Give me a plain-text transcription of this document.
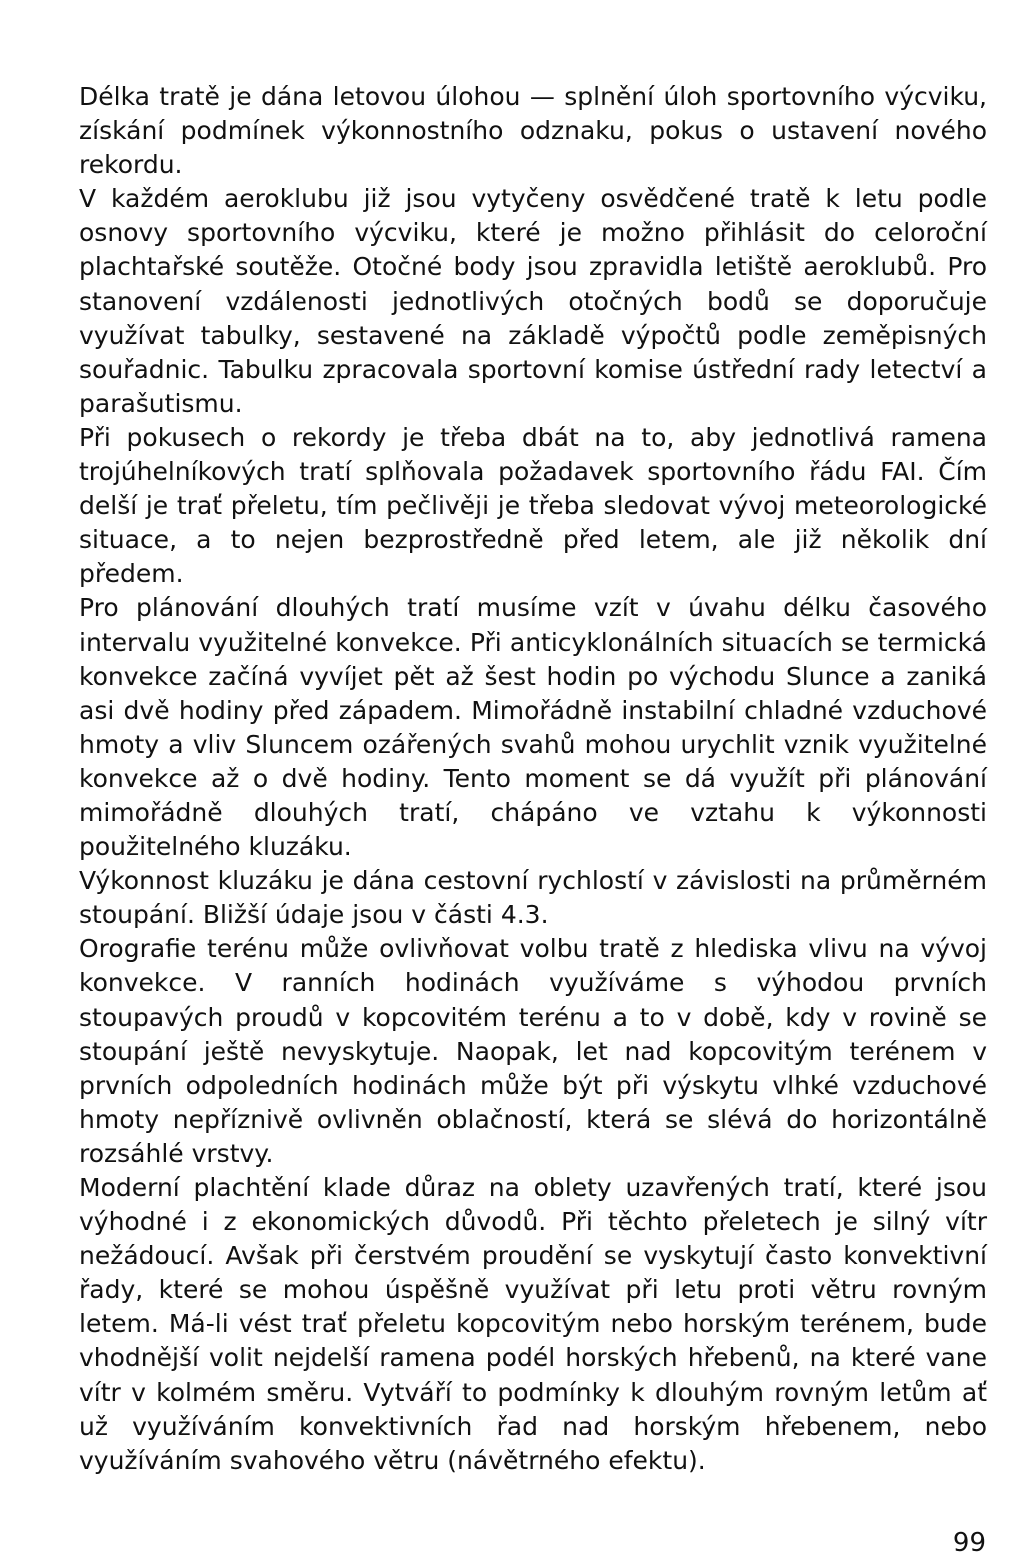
Délka tratě je dána letovou úlohou — splnění úloh sportovního výcviku, získání podmínek výkonnostního odznaku, pokus o ustavení nového rekordu.

V každém aeroklubu již jsou vytyčeny osvědčené tratě k letu podle osnovy sportovního výcviku, které je možno přihlásit do celoroční plachtařské soutěže. Otočné body jsou zpravidla letiště aeroklubů. Pro stanovení vzdálenosti jednotlivých otočných bodů se doporučuje využívat tabulky, sestavené na základě výpočtů podle zeměpisných souřadnic. Tabulku zpracovala sportovní komise ústřední rady letectví a parašutismu.

Při pokusech o rekordy je třeba dbát na to, aby jednotlivá ramena trojúhelníkových tratí splňovala požadavek sportovního řádu FAI. Čím delší je trať přeletu, tím pečlivěji je třeba sledovat vývoj meteorologické situace, a to nejen bezprostředně před letem, ale již několik dní předem.

Pro plánování dlouhých tratí musíme vzít v úvahu délku časového intervalu využitelné konvekce. Při anticyklonálních situacích se termická konvekce začíná vyvíjet pět až šest hodin po východu Slunce a zaniká asi dvě hodiny před západem. Mimořádně instabilní chladné vzduchové hmoty a vliv Sluncem ozářených svahů mohou urychlit vznik využitelné konvekce až o dvě hodiny. Tento moment se dá využít při plánování mimořádně dlouhých tratí, chápáno ve vztahu k výkonnosti použitelného kluzáku.

Výkonnost kluzáku je dána cestovní rychlostí v závislosti na průměrném stoupání. Bližší údaje jsou v části 4.3.

Orografie terénu může ovlivňovat volbu tratě z hlediska vlivu na vývoj konvekce. V ranních hodinách využíváme s výhodou prvních stoupavých proudů v kopcovitém terénu a to v době, kdy v rovině se stoupání ještě nevyskytuje. Naopak, let nad kopcovitým terénem v prvních odpoledních hodinách může být při výskytu vlhké vzduchové hmoty nepříznivě ovlivněn oblačností, která se slévá do horizontálně rozsáhlé vrstvy.

Moderní plachtění klade důraz na oblety uzavřených tratí, které jsou výhodné i z ekonomických důvodů. Při těchto přeletech je silný vítr nežádoucí. Avšak při čerstvém proudění se vyskytují často konvektivní řady, které se mohou úspěšně využívat při letu proti větru rovným letem. Má-li vést trať přeletu kopcovitým nebo horským terénem, bude vhodnější volit nejdelší ramena podél horských hřebenů, na které vane vítr v kolmém směru. Vytváří to podmínky k dlouhým rovným letům ať už využíváním konvektivních řad nad horským hřebenem, nebo využíváním svahového větru (návětrného efektu).

99
